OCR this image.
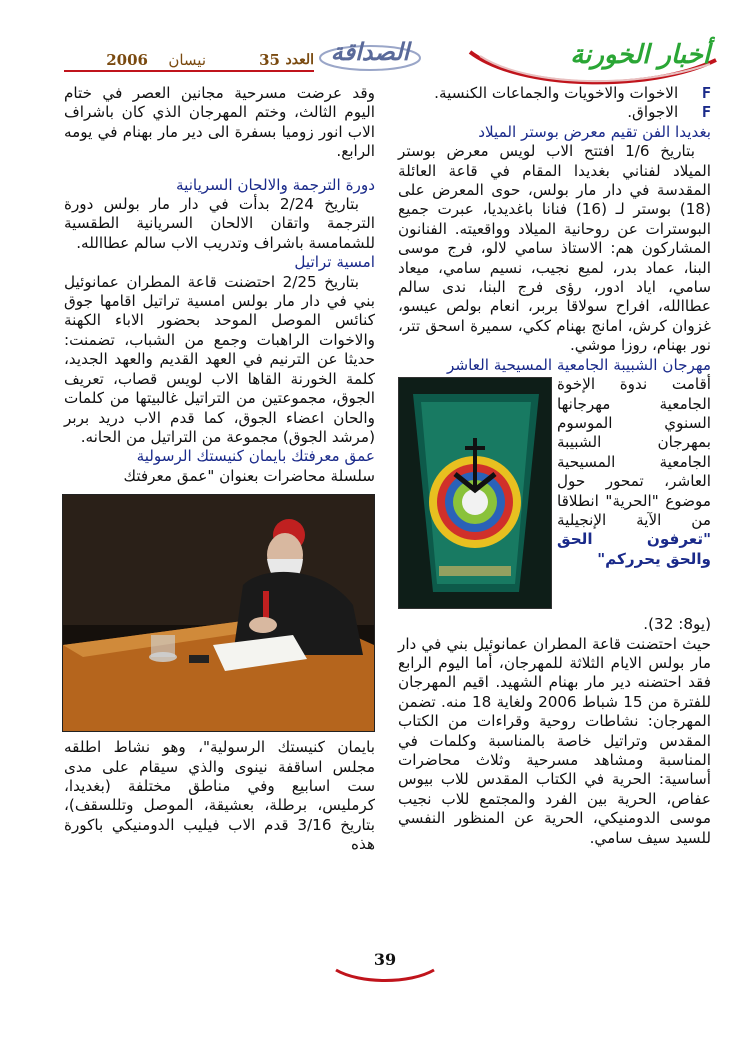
العدد
35
نيسان
2006	الصداقة	أخبار الخورنة

F  الاخوات والاخويات والجماعات الكنسية.

F  الاجواق.

بغديدا الفن تقيم معرض بوستر الميلاد

بتاريخ 1/6 افتتح الاب لويس معرض بوستر الميلاد لفناني بغديدا المقام في قاعة العائلة المقدسة في دار مار بولس، حوى المعرض على (18) بوستر لـ (16) فنانا باغديديا، عبرت جميع البوسترات عن روحانية الميلاد وواقعيته. الفنانون المشاركون هم: الاستاذ سامي لالو، فرج موسى البنا، عماد بدر، لميع نجيب، نسيم سامي، ميعاد سامي، اياد ادور، رؤى فرج البنا، ندى سالم عطاالله، افراح سولاقا بربر، انعام بولص عيسو، غزوان كرش، امانج بهنام ككي، سميرة اسحق تتر، نور بهنام، روزا موشي.

مهرجان الشبيبة الجامعية المسيحية العاشر

أقامت ندوة الإخوة الجامعية مهرجانها السنوي الموسوم بمهرجان الشبيبة الجامعية المسيحية العاشر، تمحور حول موضوع "الحرية" انطلاقا من الآية الإنجيلية "تعرفون الحق والحق يحرركم"

(يو8: 32).

حيث احتضنت قاعة المطران عمانوئيل بني في دار مار بولس الايام الثلاثة للمهرجان، أما اليوم الرابع فقد احتضنه دير مار بهنام الشهيد. اقيم المهرجان للفترة من 15 شباط 2006 ولغاية 18 منه. تضمن المهرجان: نشاطات روحية وقراءات من الكتاب المقدس وتراتيل خاصة بالمناسبة وكلمات في المناسبة ومشاهد مسرحية وثلاث محاضرات أساسية: الحرية في الكتاب المقدس للاب بيوس عفاص، الحرية بين الفرد والمجتمع للاب نجيب موسى الدومنيكي، الحرية عن المنظور النفسي للسيد سيف سامي.

وقد عرضت مسرحية مجانين العصر في ختام اليوم الثالث، وختم المهرجان الذي كان باشراف الاب انور زوميا بسفرة الى دير مار بهنام في يومه الرابع.

دورة الترجمة والالحان السريانية

بتاريخ 2/24 بدأت في دار مار بولس دورة الترجمة واتقان الالحان السريانية الطقسية للشمامسة باشراف وتدريب الاب سالم عطاالله.

امسية تراتيل

بتاريخ 2/25 احتضنت قاعة المطران عمانوئيل بني في دار مار بولس امسية تراتيل اقامها جوق كنائس الموصل الموحد بحضور الاباء الكهنة والاخوات الراهبات وجمع من الشباب، تضمنت: حديثا عن الترنيم في العهد القديم والعهد الجديد، كلمة الخورنة القاها الاب لويس قصاب، تعريف الجوق، مجموعتين من التراتيل غالبيتها من كلمات والحان اعضاء الجوق، كما قدم الاب دريد بربر (مرشد الجوق) مجموعة من التراتيل من الحانه.

عمق معرفتك بايمان كنيستك الرسولية

سلسلة محاضرات بعنوان "عمق معرفتك

بايمان كنيستك الرسولية"، وهو نشاط اطلقه مجلس اساقفة نينوى والذي سيقام على مدى ست اسابيع وفي مناطق مختلفة (بغديدا، كرمليس، برطلة، بعشيقة، الموصل وتللسقف)، بتاريخ 3/16 قدم الاب فيليب الدومنيكي باكورة هذه

39
